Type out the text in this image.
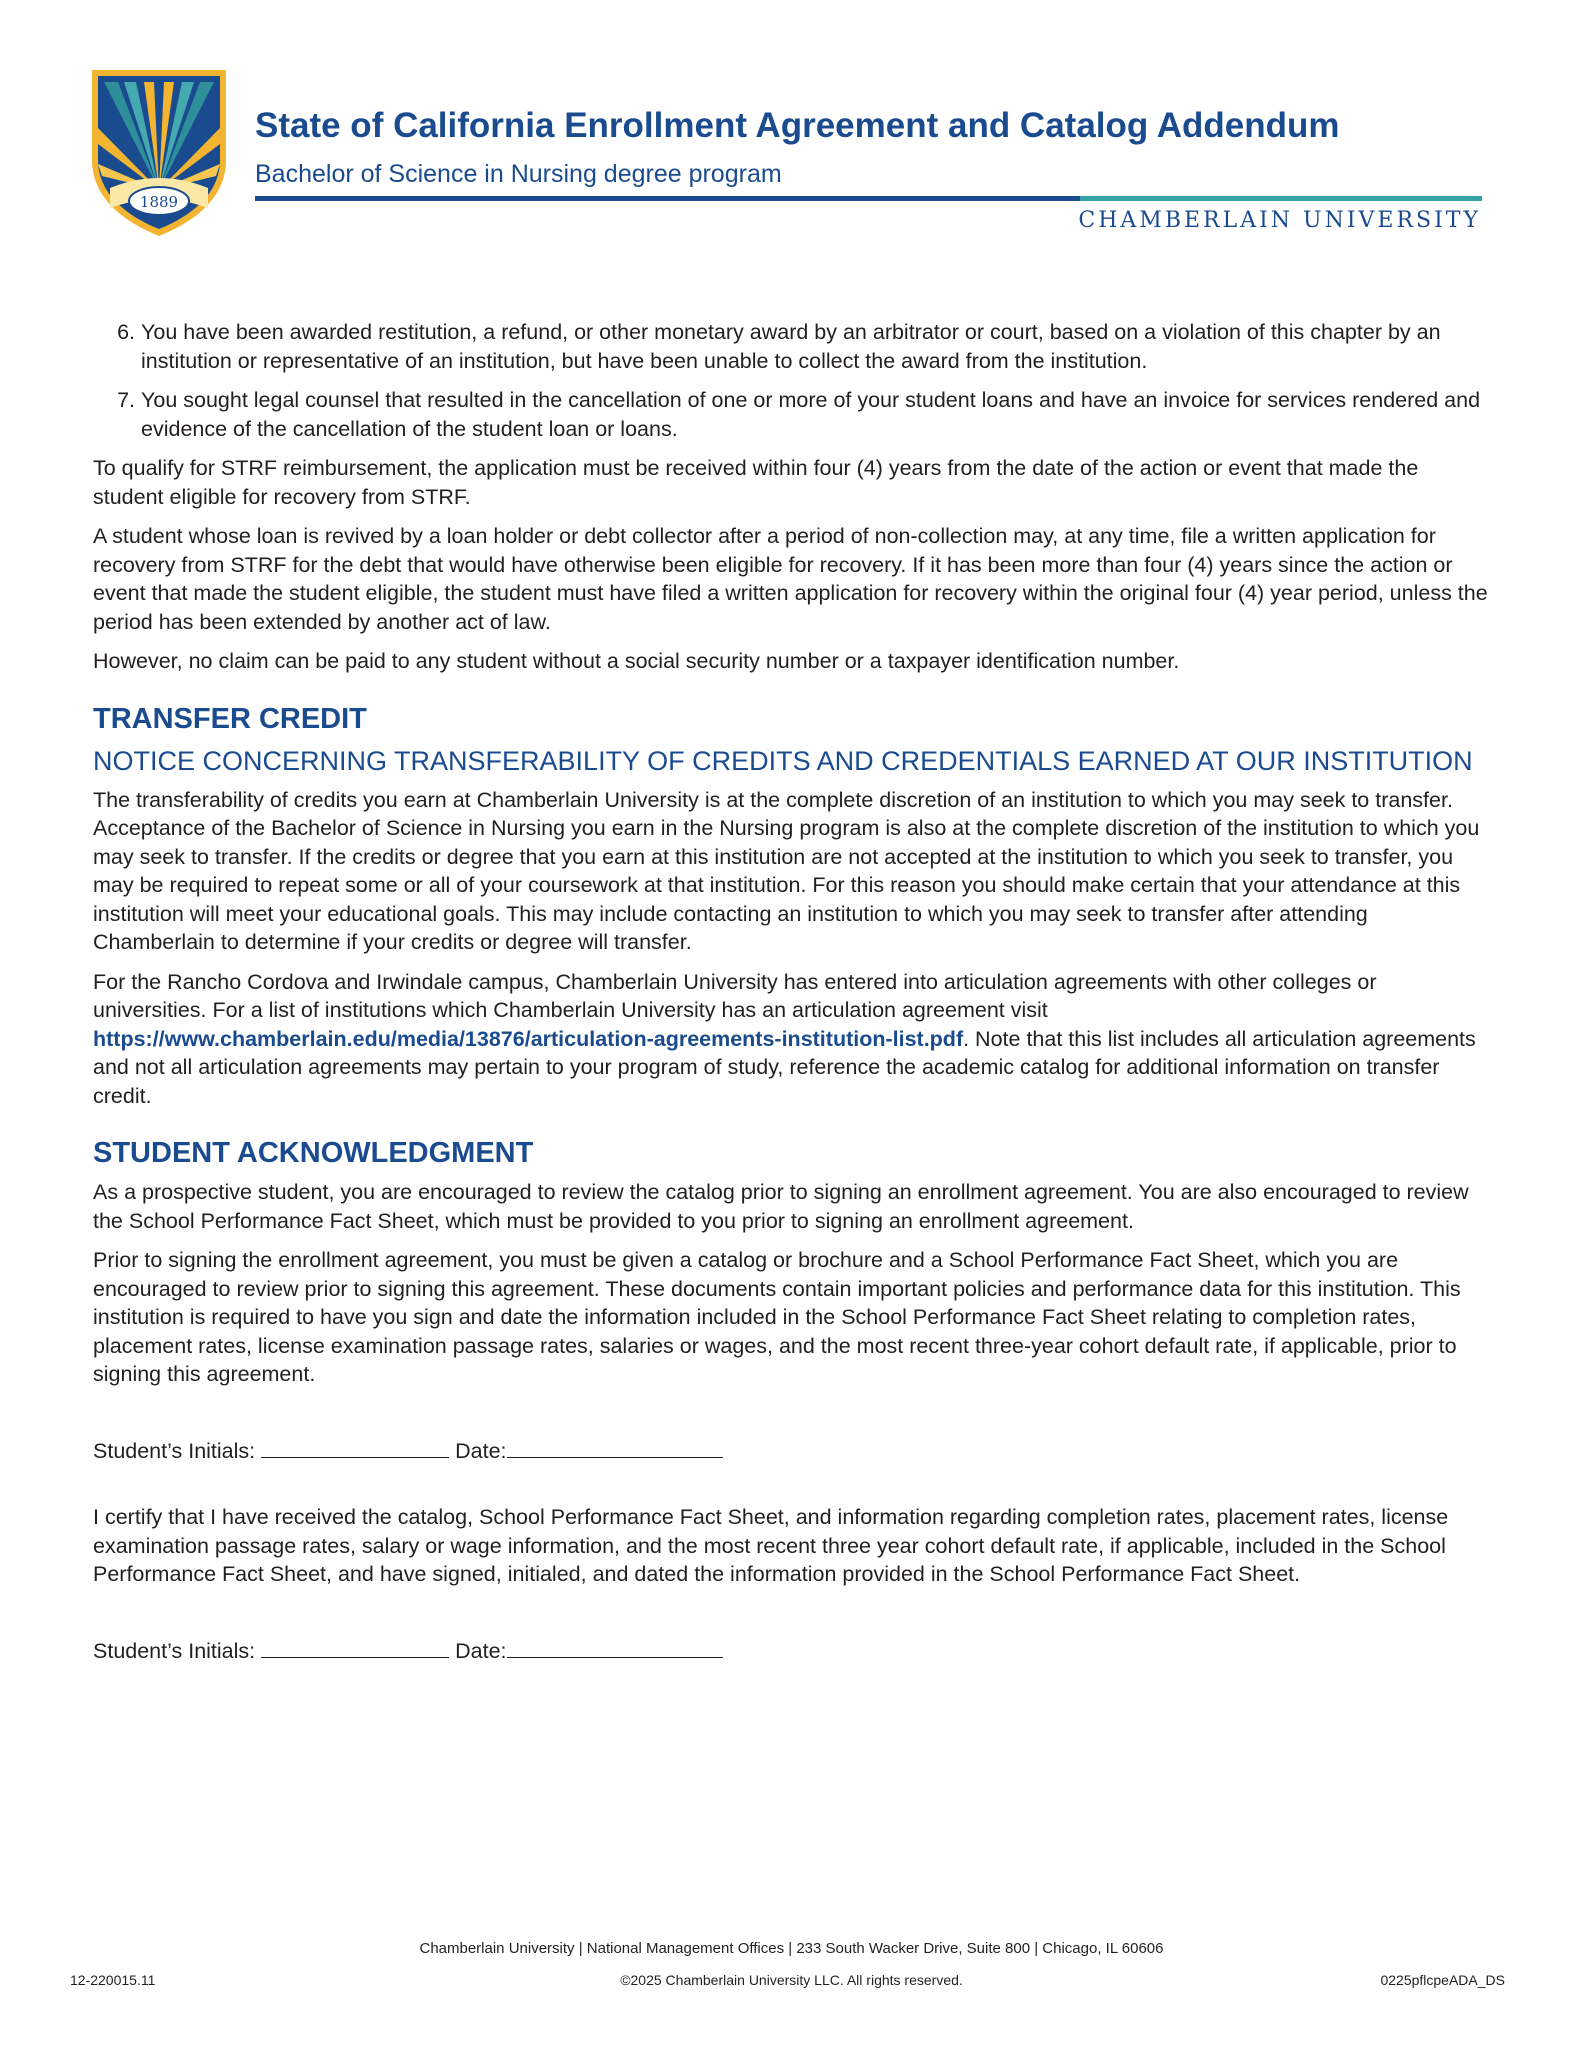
1889
State of California Enrollment Agreement and Catalog Addendum

Bachelor of Science in Nursing degree program

CHAMBERLAIN UNIVERSITY

6. You have been awarded restitution, a refund, or other monetary award by an arbitrator or court, based on a violation of this chapter by an institution or representative of an institution, but have been unable to collect the award from the institution.
7. You sought legal counsel that resulted in the cancellation of one or more of your student loans and have an invoice for services rendered and evidence of the cancellation of the student loan or loans.

To qualify for STRF reimbursement, the application must be received within four (4) years from the date of the action or event that made the student eligible for recovery from STRF.

A student whose loan is revived by a loan holder or debt collector after a period of non-collection may, at any time, file a written application for recovery from STRF for the debt that would have otherwise been eligible for recovery. If it has been more than four (4) years since the action or event that made the student eligible, the student must have filed a written application for recovery within the original four (4) year period, unless the period has been extended by another act of law.

However, no claim can be paid to any student without a social security number or a taxpayer identification number.

TRANSFER CREDIT
NOTICE CONCERNING TRANSFERABILITY OF CREDITS AND CREDENTIALS EARNED AT OUR INSTITUTION

The transferability of credits you earn at Chamberlain University is at the complete discretion of an institution to which you may seek to transfer. Acceptance of the Bachelor of Science in Nursing you earn in the Nursing program is also at the complete discretion of the institution to which you may seek to transfer. If the credits or degree that you earn at this institution are not accepted at the institution to which you seek to transfer, you may be required to repeat some or all of your coursework at that institution. For this reason you should make certain that your attendance at this institution will meet your educational goals. This may include contacting an institution to which you may seek to transfer after attending Chamberlain to determine if your credits or degree will transfer.

For the Rancho Cordova and Irwindale campus, Chamberlain University has entered into articulation agreements with other colleges or universities. For a list of institutions which Chamberlain University has an articulation agreement visit https://www.chamberlain.edu/media/13876/articulation-agreements-institution-list.pdf. Note that this list includes all articulation agreements and not all articulation agreements may pertain to your program of study, reference the academic catalog for additional information on transfer credit.

STUDENT ACKNOWLEDGMENT

As a prospective student, you are encouraged to review the catalog prior to signing an enrollment agreement. You are also encouraged to review the School Performance Fact Sheet, which must be provided to you prior to signing an enrollment agreement.

Prior to signing the enrollment agreement, you must be given a catalog or brochure and a School Performance Fact Sheet, which you are encouraged to review prior to signing this agreement. These documents contain important policies and performance data for this institution. This institution is required to have you sign and date the information included in the School Performance Fact Sheet relating to completion rates, placement rates, license examination passage rates, salaries or wages, and the most recent three-year cohort default rate, if applicable, prior to signing this agreement.

Student’s Initials:	Date:

I certify that I have received the catalog, School Performance Fact Sheet, and information regarding completion rates, placement rates, license examination passage rates, salary or wage information, and the most recent three year cohort default rate, if applicable, included in the School Performance Fact Sheet, and have signed, initialed, and dated the information provided in the School Performance Fact Sheet.

Student’s Initials:	Date:

Chamberlain University | National Management Offices | 233 South Wacker Drive, Suite 800 | Chicago, IL 60606

12-220015.11	©2025 Chamberlain University LLC. All rights reserved.	0225pflcpeADA_DS
